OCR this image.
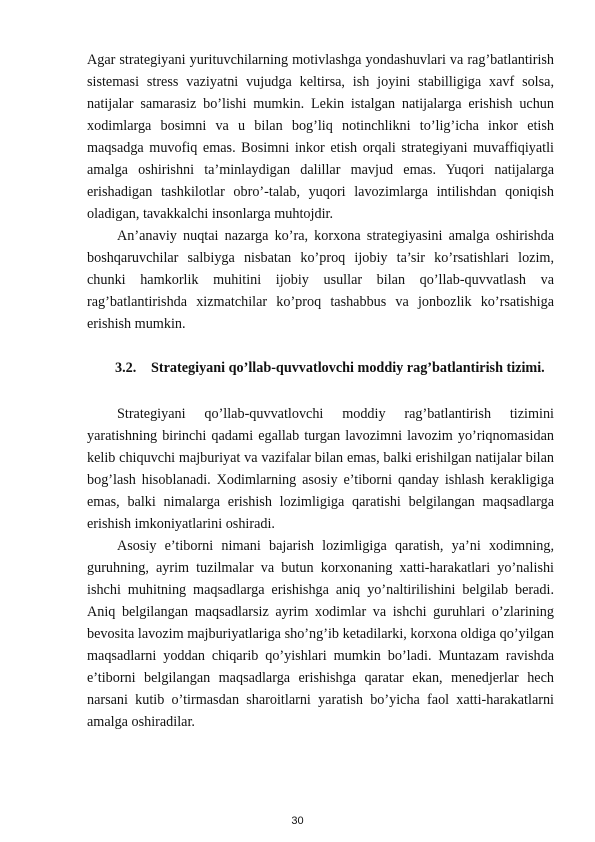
Agar strategiyani yurituvchilarning motivlashga yondashuvlari va rag’batlantirish sistemasi stress vaziyatni vujudga keltirsa, ish joyini stabilligiga xavf solsa, natijalar samarasiz bo’lishi mumkin. Lekin istalgan natijalarga erishish uchun xodimlarga bosimni va u bilan bog’liq notinchlikni to’lig’icha inkor etish maqsadga muvofiq emas. Bosimni inkor etish orqali strategiyani muvaffiqiyatli amalga oshirishni ta’minlaydigan dalillar mavjud emas. Yuqori natijalarga erishadigan tashkilotlar obro’-talab, yuqori lavozimlarga intilishdan qoniqish oladigan, tavakkalchi insonlarga muhtojdir.

An’anaviy nuqtai nazarga ko’ra, korxona strategiyasini amalga oshirishda boshqaruvchilar salbiyga nisbatan ko’proq ijobiy ta’sir ko’rsatishlari lozim, chunki hamkorlik muhitini ijobiy usullar bilan qo’llab-quvvatlash va rag’batlantirishda xizmatchilar ko’proq tashabbus va jonbozlik ko’rsatishiga erishish mumkin.

3.2. Strategiyani qo’llab-quvvatlovchi moddiy rag’batlantirish tizimi.

Strategiyani qo’llab-quvvatlovchi moddiy rag’batlantirish tizimini yaratishning birinchi qadami egallab turgan lavozimni lavozim yo’riqnomasidan kelib chiquvchi majburiyat va vazifalar bilan emas, balki erishilgan natijalar bilan bog’lash hisoblanadi. Xodimlarning asosiy e’tiborni qanday ishlash kerakligiga emas, balki nimalarga erishish lozimligiga qaratishi belgilangan maqsadlarga erishish imkoniyatlarini oshiradi.

Asosiy e’tiborni nimani bajarish lozimligiga qaratish, ya’ni xodimning, guruhning, ayrim tuzilmalar va butun korxonaning xatti-harakatlari yo’nalishi ishchi muhitning maqsadlarga erishishga aniq yo’naltirilishini belgilab beradi. Aniq belgilangan maqsadlarsiz ayrim xodimlar va ishchi guruhlari o’zlarining bevosita lavozim majburiyatlariga sho’ng’ib ketadilarki, korxona oldiga qo’yilgan maqsadlarni yoddan chiqarib qo’yishlari mumkin bo’ladi. Muntazam ravishda e’tiborni belgilangan maqsadlarga erishishga qaratar ekan, menedjerlar hech narsani kutib o’tirmasdan sharoitlarni yaratish bo’yicha faol xatti-harakatlarni amalga oshiradilar.

30
